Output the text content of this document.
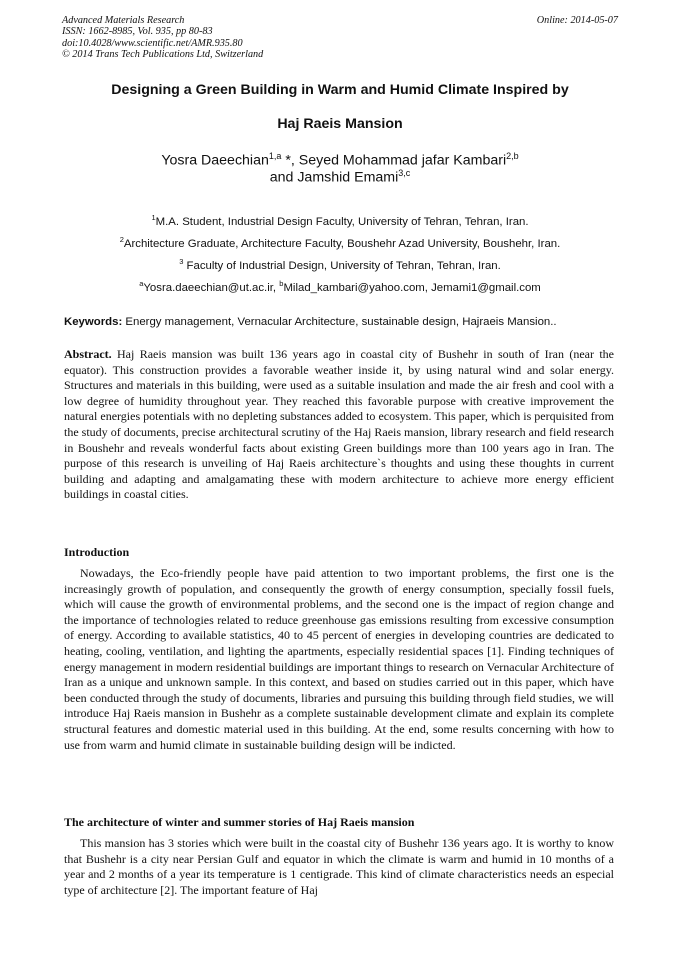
Advanced Materials Research
ISSN: 1662-8985, Vol. 935, pp 80-83
doi:10.4028/www.scientific.net/AMR.935.80
© 2014 Trans Tech Publications Ltd, Switzerland
Online: 2014-05-07
Designing a Green Building in Warm and Humid Climate Inspired by
Haj Raeis Mansion
Yosra Daeechian$^{1,a}$ *, Seyed Mohammad jafar Kambari$^{2,b}$
and Jamshid Emami$^{3,c}$
$^1$M.A. Student, Industrial Design Faculty, University of Tehran, Tehran, Iran.
$^2$Architecture Graduate, Architecture Faculty, Boushehr Azad University, Boushehr, Iran.
$^3$ Faculty of Industrial Design, University of Tehran, Tehran, Iran.
$^a$Yosra.daeechian@ut.ac.ir, $^b$Milad_kambari@yahoo.com, Jemami1@gmail.com
Keywords: Energy management, Vernacular Architecture, sustainable design, Hajraeis Mansion..
Abstract. Haj Raeis mansion was built 136 years ago in coastal city of Bushehr in south of Iran (near the equator). This construction provides a favorable weather inside it, by using natural wind and solar energy. Structures and materials in this building, were used as a suitable insulation and made the air fresh and cool with a low degree of humidity throughout year. They reached this favorable purpose with creative improvement the natural energies potentials with no depleting substances added to ecosystem. This paper, which is perquisited from the study of documents, precise architectural scrutiny of the Haj Raeis mansion, library research and field research in Boushehr and reveals wonderful facts about existing Green buildings more than 100 years ago in Iran. The purpose of this research is unveiling of Haj Raeis architecture`s thoughts and using these thoughts in current building and adapting and amalgamating these with modern architecture to achieve more energy efficient buildings in coastal cities.
Introduction
Nowadays, the Eco-friendly people have paid attention to two important problems, the first one is the increasingly growth of population, and consequently the growth of energy consumption, specially fossil fuels, which will cause the growth of environmental problems, and the second one is the impact of region change and the importance of technologies related to reduce greenhouse gas emissions resulting from excessive consumption of energy. According to available statistics, 40 to 45 percent of energies in developing countries are dedicated to heating, cooling, ventilation, and lighting the apartments, especially residential spaces [1]. Finding techniques of energy management in modern residential buildings are important things to research on Vernacular Architecture of Iran as a unique and unknown sample. In this context, and based on studies carried out in this paper, which have been conducted through the study of documents, libraries and pursuing this building through field studies, we will introduce Haj Raeis mansion in Bushehr as a complete sustainable development climate and explain its complete structural features and domestic material used in this building. At the end, some results concerning with how to use from warm and humid climate in sustainable building design will be indicted.
The architecture of winter and summer stories of Haj Raeis mansion
This mansion has 3 stories which were built in the coastal city of Bushehr 136 years ago. It is worthy to know that Bushehr is a city near Persian Gulf and equator in which the climate is warm and humid in 10 months of a year and 2 months of a year its temperature is 1 centigrade. This kind of climate characteristics needs an especial type of architecture [2]. The important feature of Haj
